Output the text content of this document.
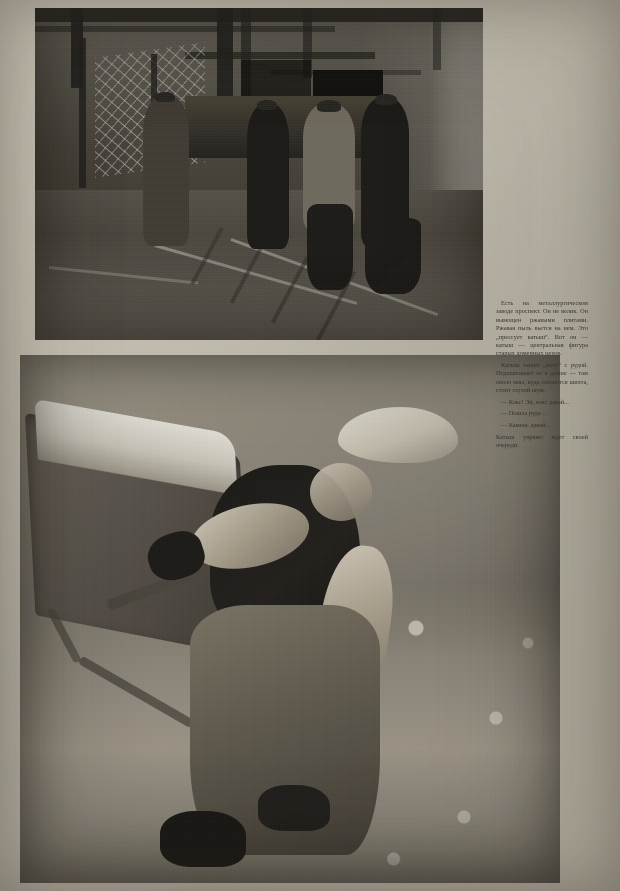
Есть на металлургическом заводе проспект. Он не велик. Он вымощен ржавыми плитами. Ржавая пыль вьется на нем. Это „прессует катыш“. Вот он — катыш — центральная фигура старых доменных цехов.

Катыш тащит „ногу“ с рудой. Подхватывает ее к домне — там около ямы, куда сыпаются шихта, стоит глухой шум.

— Кокс! Эй, кокс давай...

— Пошла руда ...

— Камень давай...

Катыш упрямо ждет своей очереди.
